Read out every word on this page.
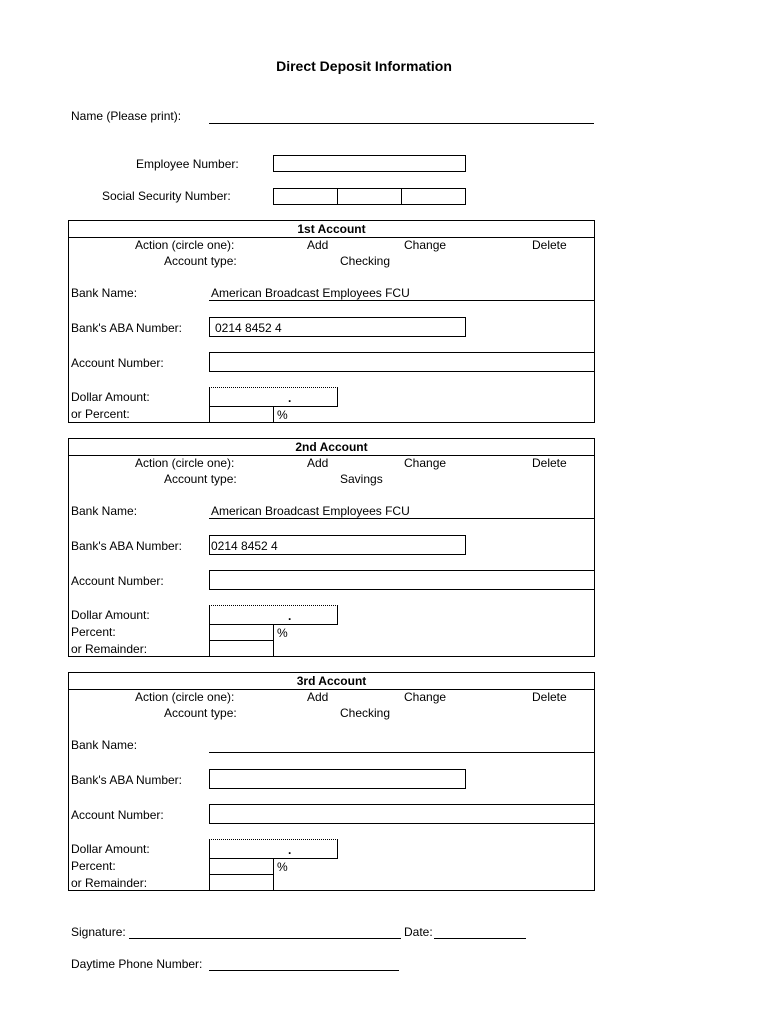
Direct Deposit Information
Name (Please print):
Employee Number:
Social Security Number:
1st Account
Action (circle one):	Add	Change	Delete
Account type:	Checking
Bank Name:	American Broadcast Employees FCU
Bank's ABA Number:	0214 8452 4
Account Number:
Dollar Amount:	.
or Percent:	%
2nd Account
Action (circle one):	Add	Change	Delete
Account type:	Savings
Bank Name:	American Broadcast Employees FCU
Bank's ABA Number: 0214 8452 4
Account Number:
Dollar Amount:	.
Percent:	%
or Remainder:
3rd Account
Action (circle one):	Add	Change	Delete
Account type:	Checking
Bank Name:
Bank's ABA Number:
Account Number:
Dollar Amount:	.
Percent:	%
or Remainder:
Signature:	Date:
Daytime Phone Number:
